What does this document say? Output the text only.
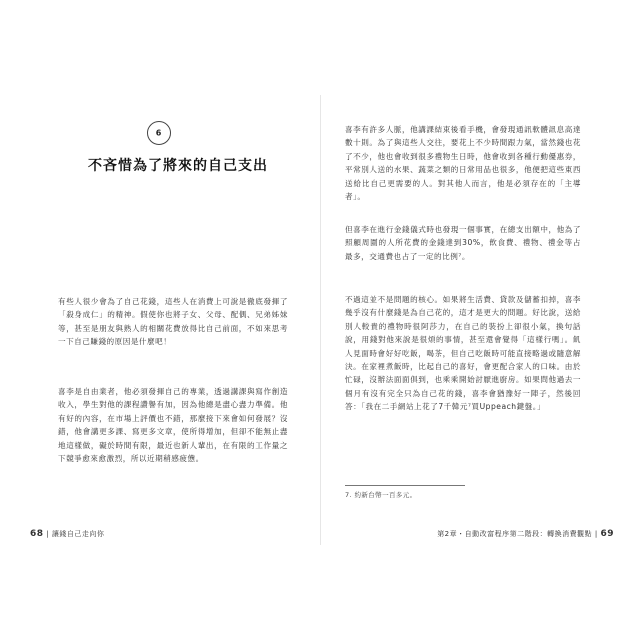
6
不吝惜為了將來的自己支出
有些人很少會為了自己花錢，這些人在消費上可說是徹底發揮了「殺身成仁」的精神。假使你也將子女、父母、配偶、兄弟姊妹等，甚至是朋友與熟人的相關花費放得比自己前面，不如來思考一下自己賺錢的原因是什麼吧！
喜李是自由業者，他必須發揮自己的專業，透過講課與寫作創造收入，學生對他的課程讚譽有加，因為他總是盡心盡力準備。他有好的內容，在市場上評價也不錯，那麼接下來會如何發展？沒錯，他會講更多課、寫更多文章，使所得增加，但卻不能無止盡地這樣做，礙於時間有限，最近也新人輩出，在有限的工作量之下競爭愈來愈激烈，所以近期稍感疲憊。
68 | 讓錢自己走向你
喜李有許多人脈，他講課結束後看手機，會發現通訊軟體訊息高達數十則。為了與這些人交往，要花上不少時間跟力氣，當然錢也花了不少，他也會收到很多禮物生日時，他會收到各種行動優惠券，平常別人送的水果、蔬菜之類的日常用品也很多，他便把這些東西送給比自己更需要的人。對其他人而言，他是必須存在的「主導者」。
但喜李在進行金錢儀式時也發現一個事實，在總支出額中，他為了照顧周圍的人所花費的金錢達到30%，飲食費、禮物、禮金等占最多，交通費也占了一定的比例⁷。
不過這並不是問題的核心。如果將生活費、貸款及儲蓄扣掉，喜李幾乎沒有什麼錢是為自己花的，這才是更大的問題。好比說，送給別人較貴的禮物時很阿莎力，在自己的裝扮上卻很小氣，換句話說，用錢對他來說是很煩的事情，甚至還會覺得「這樣行嗎」。飢人見面時會好好吃飯，喝茶，但自己吃飯時可能直接略過或隨意解決。在家裡煮飯時，比起自己的喜好，會更配合家人的口味。由於忙碌，沒辦法面面俱到，也乘乘開始討厭進廚房。如果問他過去一個月有沒有完全只為自己花的錢，喜李會猶豫好一陣子，然後回答：「我在二手網站上花了7千韓元⁷買Uppeach鍵盤。」
7. 約新台幣一百多元。
第2章・自動改富程序第二階段：轉換消費觀點 | 69
